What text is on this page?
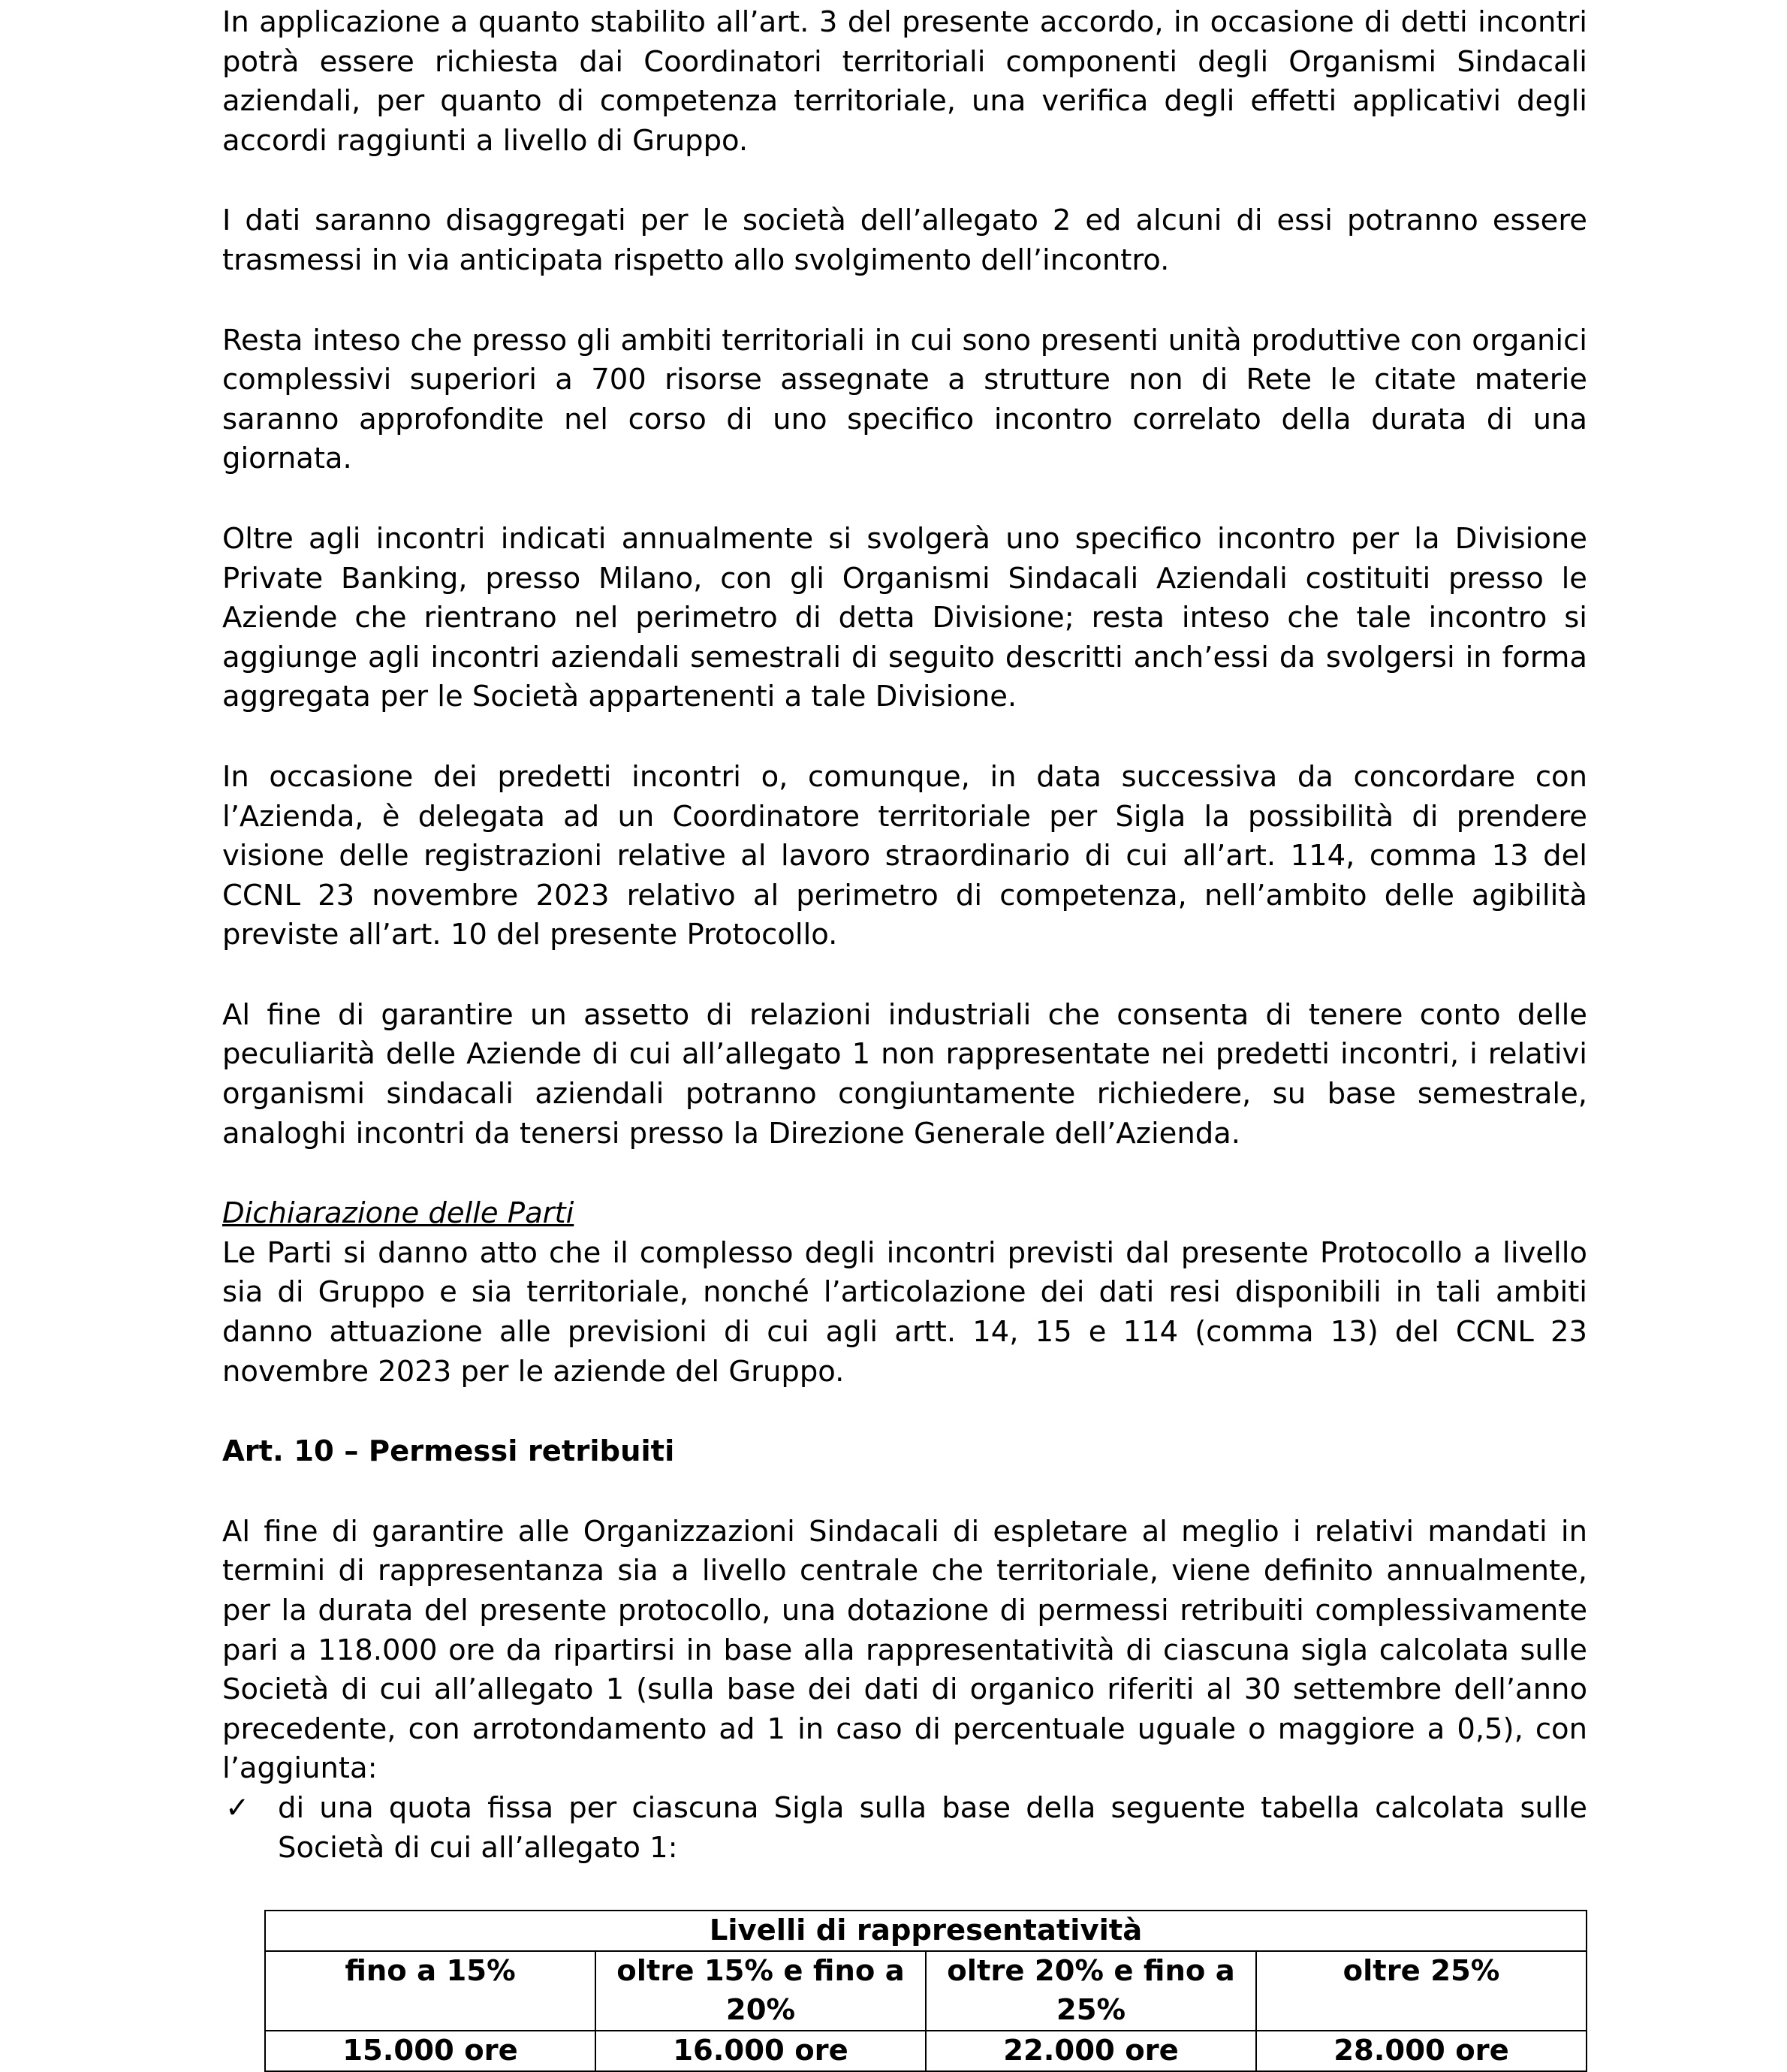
In applicazione a quanto stabilito all’art. 3 del presente accordo, in occasione di detti incontri potrà essere richiesta dai Coordinatori territoriali componenti degli Organismi Sindacali aziendali, per quanto di competenza territoriale, una verifica degli effetti applicativi degli accordi raggiunti a livello di Gruppo.

I dati saranno disaggregati per le società dell’allegato 2 ed alcuni di essi potranno essere trasmessi in via anticipata rispetto allo svolgimento dell’incontro.

Resta inteso che presso gli ambiti territoriali in cui sono presenti unità produttive con organici complessivi superiori a 700 risorse assegnate a strutture non di Rete le citate materie saranno approfondite nel corso di uno specifico incontro correlato della durata di una giornata.

Oltre agli incontri indicati annualmente si svolgerà uno specifico incontro per la Divisione Private Banking, presso Milano, con gli Organismi Sindacali Aziendali costituiti presso le Aziende che rientrano nel perimetro di detta Divisione; resta inteso che tale incontro si aggiunge agli incontri aziendali semestrali di seguito descritti anch’essi da svolgersi in forma aggregata per le Società appartenenti a tale Divisione.

In occasione dei predetti incontri o, comunque, in data successiva da concordare con l’Azienda, è delegata ad un Coordinatore territoriale per Sigla la possibilità di prendere visione delle registrazioni relative al lavoro straordinario di cui all’art. 114, comma 13 del CCNL 23 novembre 2023 relativo al perimetro di competenza, nell’ambito delle agibilità previste all’art. 10 del presente Protocollo.

Al fine di garantire un assetto di relazioni industriali che consenta di tenere conto delle peculiarità delle Aziende di cui all’allegato 1 non rappresentate nei predetti incontri, i relativi organismi sindacali aziendali potranno congiuntamente richiedere, su base semestrale, analoghi incontri da tenersi presso la Direzione Generale dell’Azienda.

Dichiarazione delle Parti

Le Parti si danno atto che il complesso degli incontri previsti dal presente Protocollo a livello sia di Gruppo e sia territoriale, nonché l’articolazione dei dati resi disponibili in tali ambiti danno attuazione alle previsioni di cui agli artt. 14, 15 e 114 (comma 13) del CCNL 23 novembre 2023 per le aziende del Gruppo.

Art. 10 – Permessi retribuiti

Al fine di garantire alle Organizzazioni Sindacali di espletare al meglio i relativi mandati in termini di rappresentanza sia a livello centrale che territoriale, viene definito annualmente, per la durata del presente protocollo, una dotazione di permessi retribuiti complessivamente pari a 118.000 ore da ripartirsi in base alla rappresentatività di ciascuna sigla calcolata sulle Società di cui all’allegato 1 (sulla base dei dati di organico riferiti al 30 settembre dell’anno precedente, con arrotondamento ad 1 in caso di percentuale uguale o maggiore a 0,5), con l’aggiunta:

✓ di una quota fissa per ciascuna Sigla sulla base della seguente tabella calcolata sulle Società di cui all’allegato 1:
Livelli di rappresentatività			
fino a 15%	oltre 15% e fino a 20%	oltre 20% e fino a 25%	oltre 25%
15.000 ore	16.000 ore	22.000 ore	28.000 ore
